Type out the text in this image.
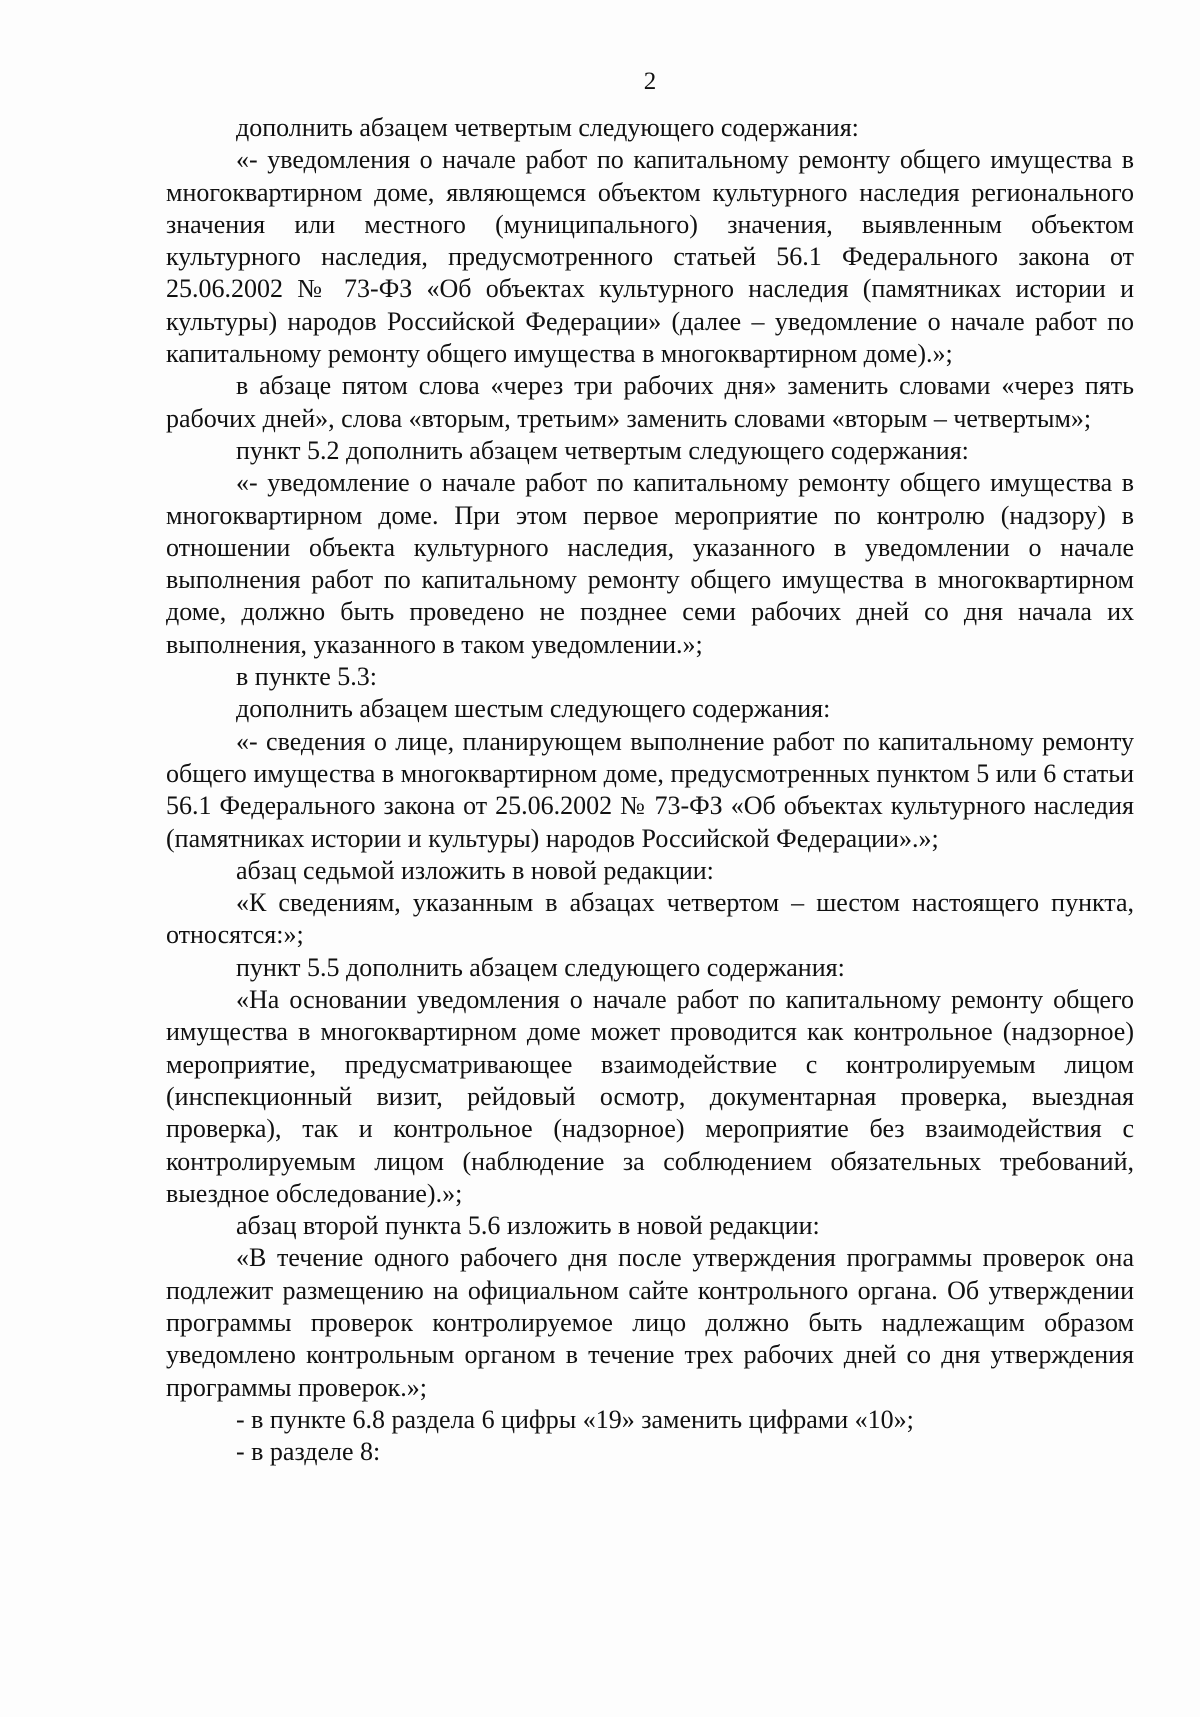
2

дополнить абзацем четвертым следующего содержания:

«- уведомления о начале работ по капитальному ремонту общего имущества в многоквартирном доме, являющемся объектом культурного наследия регионального значения или местного (муниципального) значения, выявленным объектом культурного наследия, предусмотренного статьей 56.1 Федерального закона от 25.06.2002 № 73-ФЗ «Об объектах культурного наследия (памятниках истории и культуры) народов Российской Федерации» (далее – уведомление о начале работ по капитальному ремонту общего имущества в многоквартирном доме).»;

в абзаце пятом слова «через три рабочих дня» заменить словами «через пять рабочих дней», слова «вторым, третьим» заменить словами «вторым – четвертым»;

пункт 5.2 дополнить абзацем четвертым следующего содержания:

«- уведомление о начале работ по капитальному ремонту общего имущества в многоквартирном доме. При этом первое мероприятие по контролю (надзору) в отношении объекта культурного наследия, указанного в уведомлении о начале выполнения работ по капитальному ремонту общего имущества в многоквартирном доме, должно быть проведено не позднее семи рабочих дней со дня начала их выполнения, указанного в таком уведомлении.»;

в пункте 5.3:

дополнить абзацем шестым следующего содержания:

«- сведения о лице, планирующем выполнение работ по капитальному ремонту общего имущества в многоквартирном доме, предусмотренных пунктом 5 или 6 статьи 56.1 Федерального закона от 25.06.2002 № 73-ФЗ «Об объектах культурного наследия (памятниках истории и культуры) народов Российской Федерации».»;

абзац седьмой изложить в новой редакции:

«К сведениям, указанным в абзацах четвертом – шестом настоящего пункта, относятся:»;

пункт 5.5 дополнить абзацем следующего содержания:

«На основании уведомления о начале работ по капитальному ремонту общего имущества в многоквартирном доме может проводится как контрольное (надзорное) мероприятие, предусматривающее взаимодействие с контролируемым лицом (инспекционный визит, рейдовый осмотр, документарная проверка, выездная проверка), так и контрольное (надзорное) мероприятие без взаимодействия с контролируемым лицом (наблюдение за соблюдением обязательных требований, выездное обследование).»;

абзац второй пункта 5.6 изложить в новой редакции:

«В течение одного рабочего дня после утверждения программы проверок она подлежит размещению на официальном сайте контрольного органа. Об утверждении программы проверок контролируемое лицо должно быть надлежащим образом уведомлено контрольным органом в течение трех рабочих дней со дня утверждения программы проверок.»;

- в пункте 6.8 раздела 6 цифры «19» заменить цифрами «10»;

- в разделе 8:
